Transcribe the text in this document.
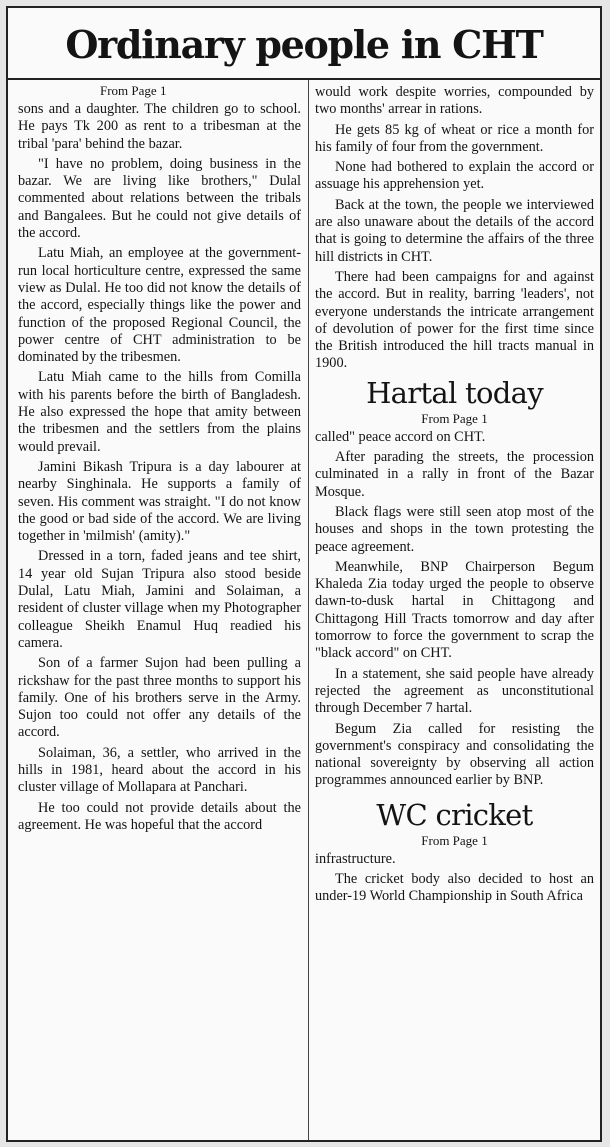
Ordinary people in CHT

From Page 1

sons and a daughter. The children go to school. He pays Tk 200 as rent to a tribesman at the tribal 'para' behind the bazar.

"I have no problem, doing business in the bazar. We are living like brothers," Dulal commented about relations between the tribals and Bangalees. But he could not give details of the accord.

Latu Miah, an employee at the government-run local horticulture centre, expressed the same view as Dulal. He too did not know the details of the accord, especially things like the power and function of the proposed Regional Council, the power centre of CHT administration to be dominated by the tribesmen.

Latu Miah came to the hills from Comilla with his parents before the birth of Bangladesh. He also expressed the hope that amity between the tribesmen and the settlers from the plains would prevail.

Jamini Bikash Tripura is a day labourer at nearby Singhinala. He supports a family of seven. His comment was straight. "I do not know the good or bad side of the accord. We are living together in 'milmish' (amity)."

Dressed in a torn, faded jeans and tee shirt, 14 year old Sujan Tripura also stood beside Dulal, Latu Miah, Jamini and Solaiman, a resident of cluster village when my Photographer colleague Sheikh Enamul Huq readied his camera.

Son of a farmer Sujon had been pulling a rickshaw for the past three months to support his family. One of his brothers serve in the Army. Sujon too could not offer any details of the accord.

Solaiman, 36, a settler, who arrived in the hills in 1981, heard about the accord in his cluster village of Mollapara at Panchari.

He too could not provide details about the agreement. He was hopeful that the accord

would work despite worries, compounded by two months' arrear in rations.

He gets 85 kg of wheat or rice a month for his family of four from the government.

None had bothered to explain the accord or assuage his apprehension yet.

Back at the town, the people we interviewed are also unaware about the details of the accord that is going to determine the affairs of the three hill districts in CHT.

There had been campaigns for and against the accord. But in reality, barring 'leaders', not everyone understands the intricate arrangement of devolution of power for the first time since the British introduced the hill tracts manual in 1900.

Hartal today

From Page 1

called" peace accord on CHT.

After parading the streets, the procession culminated in a rally in front of the Bazar Mosque.

Black flags were still seen atop most of the houses and shops in the town protesting the peace agreement.

Meanwhile, BNP Chairperson Begum Khaleda Zia today urged the people to observe dawn-to-dusk hartal in Chittagong and Chittagong Hill Tracts tomorrow and day after tomorrow to force the government to scrap the "black accord" on CHT.

In a statement, she said people have already rejected the agreement as unconstitutional through December 7 hartal.

Begum Zia called for resisting the government's conspiracy and consolidating the national sovereignty by observing all action programmes announced earlier by BNP.

WC cricket

From Page 1

infrastructure.

The cricket body also decided to host an under-19 World Championship in South Africa
